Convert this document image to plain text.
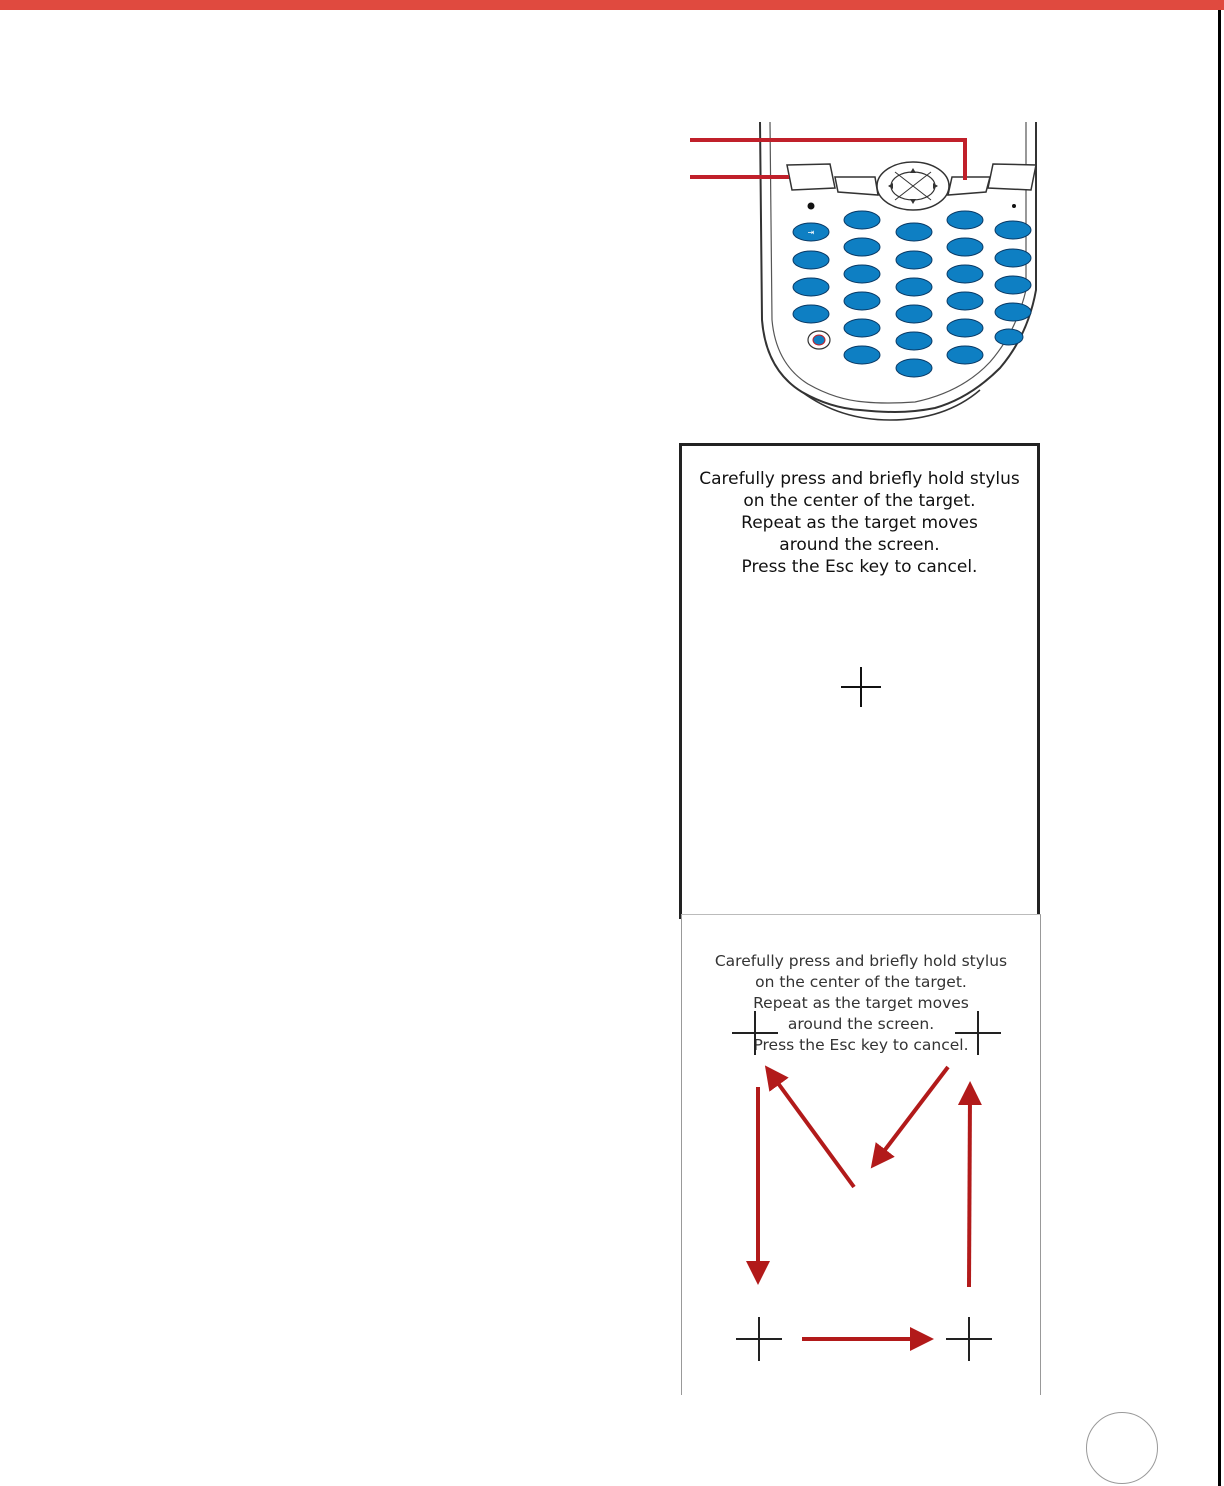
⇥
Carefully press and briefly hold stylus
on the center of the target.
Repeat as the target moves
around the screen.
Press the Esc key to cancel.
Carefully press and briefly hold stylus
on the center of the target.
Repeat as the target moves
around the screen.
Press the Esc key to cancel.
